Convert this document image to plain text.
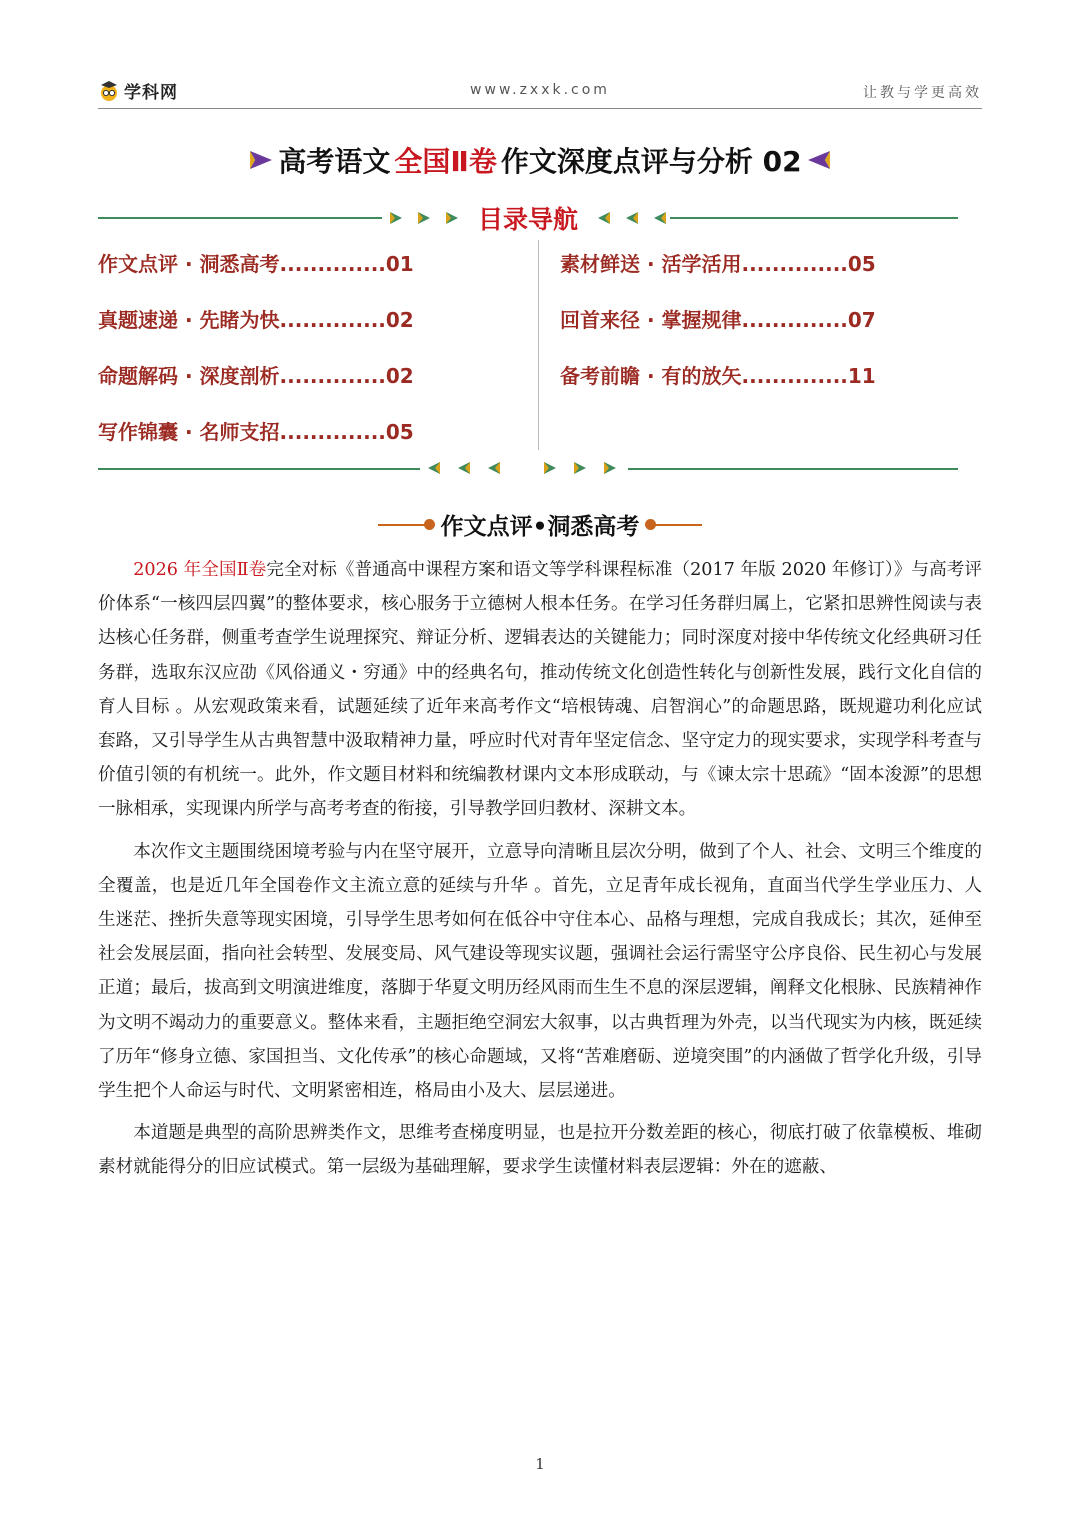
学科网	www.zxxk.com	让教与学更高效
高考语文 全国Ⅱ卷 作文深度点评与分析 02
目录导航
作文点评 · 洞悉高考..............01
真题速递 · 先睹为快..............02
命题解码 · 深度剖析..............02
写作锦囊 · 名师支招..............05
素材鲜送 · 活学活用..............05
回首来径 · 掌握规律..............07
备考前瞻 · 有的放矢..............11
作文点评•洞悉高考

2026 年全国Ⅱ卷完全对标《普通高中课程方案和语文等学科课程标准（2017 年版 2020 年修订）》与高考评价体系“一核四层四翼”的整体要求，核心服务于立德树人根本任务。在学习任务群归属上，它紧扣思辨性阅读与表达核心任务群，侧重考查学生说理探究、辩证分析、逻辑表达的关键能力；同时深度对接中华传统文化经典研习任务群，选取东汉应劭《风俗通义・穷通》中的经典名句，推动传统文化创造性转化与创新性发展，践行文化自信的育人目标 。从宏观政策来看，试题延续了近年来高考作文“培根铸魂、启智润心”的命题思路，既规避功利化应试套路，又引导学生从古典智慧中汲取精神力量，呼应时代对青年坚定信念、坚守定力的现实要求，实现学科考查与价值引领的有机统一。此外，作文题目材料和统编教材课内文本形成联动，与《谏太宗十思疏》“固本浚源”的思想一脉相承，实现课内所学与高考考查的衔接，引导教学回归教材、深耕文本。

本次作文主题围绕困境考验与内在坚守展开，立意导向清晰且层次分明，做到了个人、社会、文明三个维度的全覆盖，也是近几年全国卷作文主流立意的延续与升华 。首先，立足青年成长视角，直面当代学生学业压力、人生迷茫、挫折失意等现实困境，引导学生思考如何在低谷中守住本心、品格与理想，完成自我成长；其次，延伸至社会发展层面，指向社会转型、发展变局、风气建设等现实议题，强调社会运行需坚守公序良俗、民生初心与发展正道；最后，拔高到文明演进维度，落脚于华夏文明历经风雨而生生不息的深层逻辑，阐释文化根脉、民族精神作为文明不竭动力的重要意义。整体来看，主题拒绝空洞宏大叙事，以古典哲理为外壳，以当代现实为内核，既延续了历年“修身立德、家国担当、文化传承”的核心命题域，又将“苦难磨砺、逆境突围”的内涵做了哲学化升级，引导学生把个人命运与时代、文明紧密相连，格局由小及大、层层递进。

本道题是典型的高阶思辨类作文，思维考查梯度明显，也是拉开分数差距的核心，彻底打破了依靠模板、堆砌素材就能得分的旧应试模式。第一层级为基础理解，要求学生读懂材料表层逻辑：外在的遮蔽、

1
